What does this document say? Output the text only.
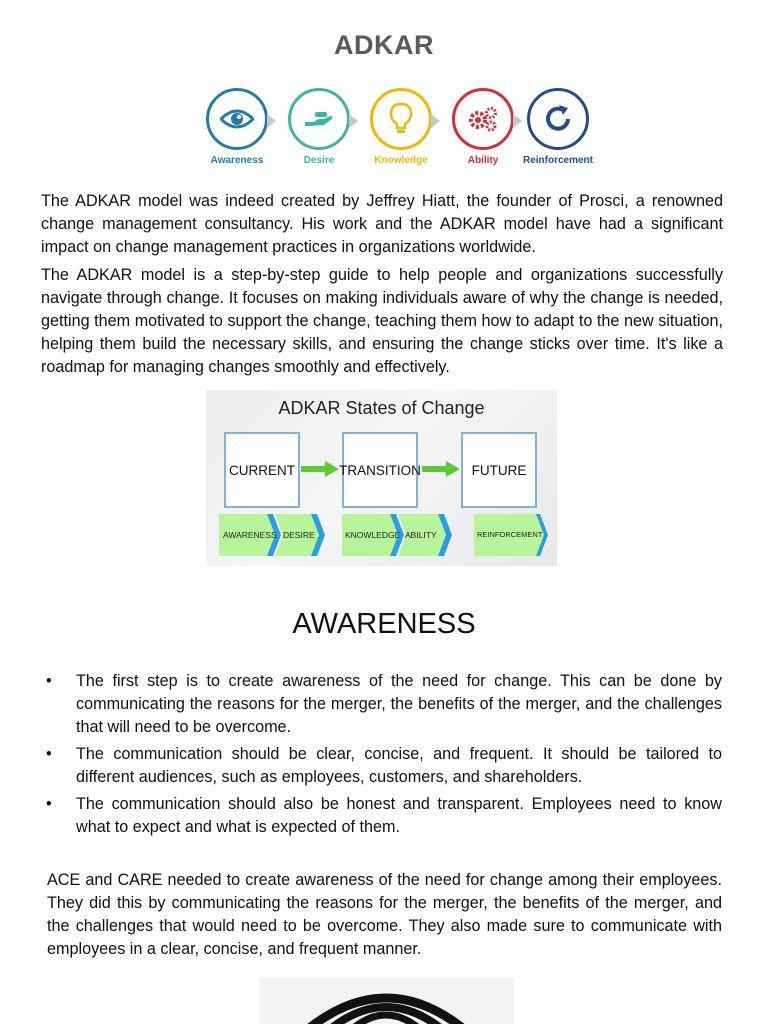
ADKAR
Awareness	Desire	Knowledge	Ability	Reinforcement

The ADKAR model was indeed created by Jeffrey Hiatt, the founder of Prosci, a renowned change management consultancy. His work and the ADKAR model have had a significant impact on change management practices in organizations worldwide.

The ADKAR model is a step-by-step guide to help people and organizations successfully navigate through change. It focuses on making individuals aware of why the change is needed, getting them motivated to support the change, teaching them how to adapt to the new situation, helping them build the necessary skills, and ensuring the change sticks over time. It's like a roadmap for managing changes smoothly and effectively.

ADKAR States of Change
CURRENT	TRANSITION	FUTURE
AWARENESS DESIRE	KNOWLEDGE ABILITY	REINFORCEMENT
AWARENESS
• The first step is to create awareness of the need for change. This can be done by communicating the reasons for the merger, the benefits of the merger, and the challenges that will need to be overcome.
• The communication should be clear, concise, and frequent. It should be tailored to different audiences, such as employees, customers, and shareholders.
• The communication should also be honest and transparent. Employees need to know what to expect and what is expected of them.

ACE and CARE needed to create awareness of the need for change among their employees. They did this by communicating the reasons for the merger, the benefits of the merger, and the challenges that would need to be overcome. They also made sure to communicate with employees in a clear, concise, and frequent manner.
